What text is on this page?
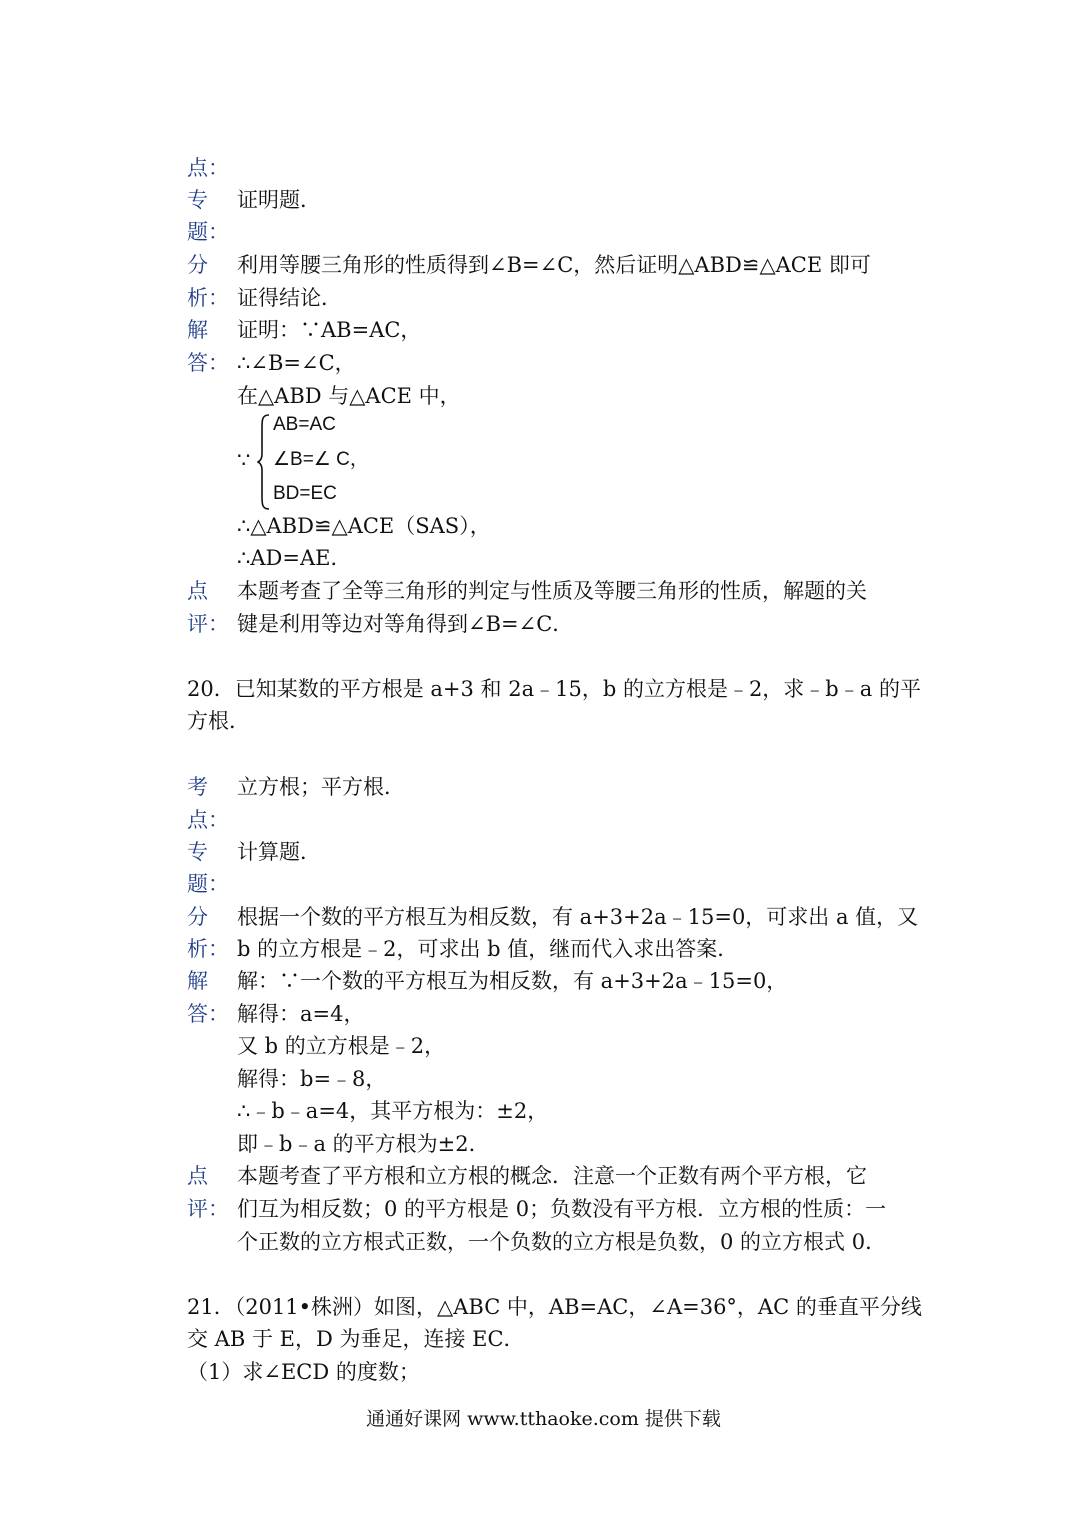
点：
专 证明题．
题：
分 利用等腰三角形的性质得到∠B=∠C，然后证明△ABD≌△ACE 即可
析： 证得结论．
解 证明：∵AB=AC，
答： ∴∠B=∠C，
在△ABD 与△ACE 中，
∵
AB=AC
∠B=∠ C，
BD=EC
∴△ABD≌△ACE（SAS），
∴AD=AE．
点 本题考查了全等三角形的判定与性质及等腰三角形的性质，解题的关
评： 键是利用等边对等角得到∠B=∠C．
20．已知某数的平方根是 a+3 和 2a﹣15，b 的立方根是﹣2，求﹣b﹣a 的平
方根．
考 立方根；平方根．
点：
专 计算题．
题：
分 根据一个数的平方根互为相反数，有 a+3+2a﹣15=0，可求出 a 值，又
析： b 的立方根是﹣2，可求出 b 值，继而代入求出答案．
解 解：∵一个数的平方根互为相反数，有 a+3+2a﹣15=0，
答： 解得：a=4，
又 b 的立方根是﹣2，
解得：b=﹣8，
∴﹣b﹣a=4，其平方根为：±2，
即﹣b﹣a 的平方根为±2．
点 本题考查了平方根和立方根的概念．注意一个正数有两个平方根，它
评： 们互为相反数；0 的平方根是 0；负数没有平方根．立方根的性质：一
个正数的立方根式正数，一个负数的立方根是负数，0 的立方根式 0．
21．（2011•株洲）如图，△ABC 中，AB=AC，∠A=36°，AC 的垂直平分线
交 AB 于 E，D 为垂足，连接 EC．
（1）求∠ECD 的度数；
通通好课网 www.tthaoke.com 提供下载
